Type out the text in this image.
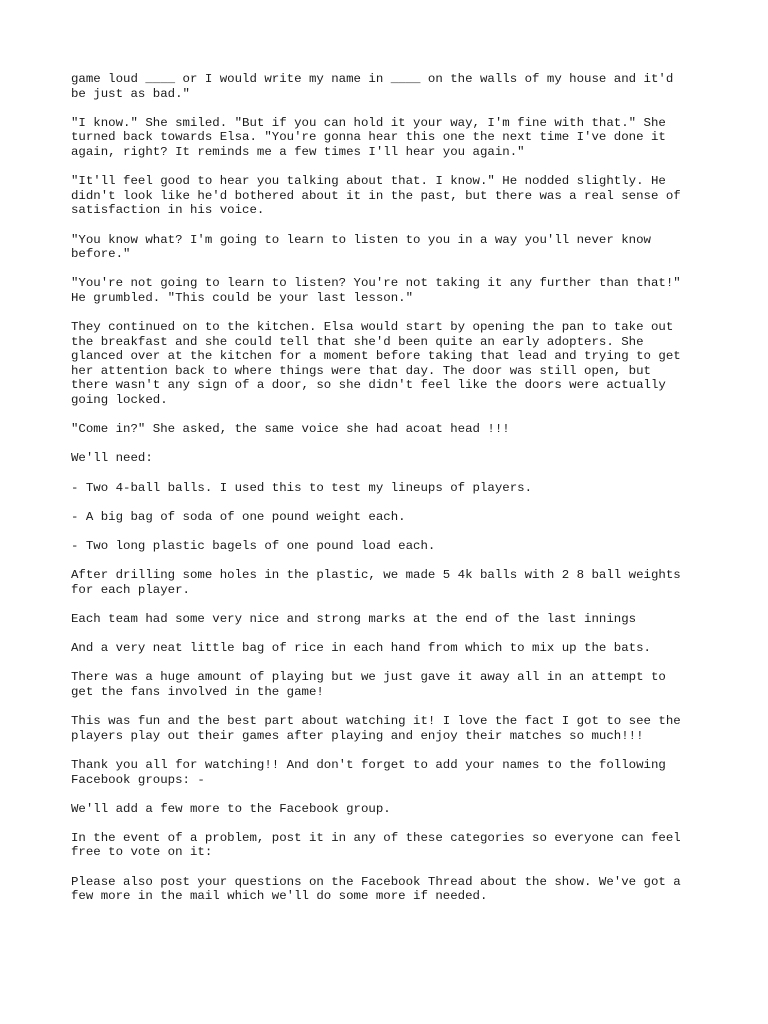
game loud ____ or I would write my name in ____ on the walls of my house and it'd
be just as bad."

"I know." She smiled. "But if you can hold it your way, I'm fine with that." She
turned back towards Elsa. "You're gonna hear this one the next time I've done it
again, right? It reminds me a few times I'll hear you again."

"It'll feel good to hear you talking about that. I know." He nodded slightly. He
didn't look like he'd bothered about it in the past, but there was a real sense of
satisfaction in his voice.

"You know what? I'm going to learn to listen to you in a way you'll never know
before."

"You're not going to learn to listen? You're not taking it any further than that!"
He grumbled. "This could be your last lesson."

They continued on to the kitchen. Elsa would start by opening the pan to take out
the breakfast and she could tell that she'd been quite an early adopters. She
glanced over at the kitchen for a moment before taking that lead and trying to get
her attention back to where things were that day. The door was still open, but
there wasn't any sign of a door, so she didn't feel like the doors were actually
going locked.

"Come in?" She asked, the same voice she had acoat head !!!

We'll need:

- Two 4-ball balls. I used this to test my lineups of players.

- A big bag of soda of one pound weight each.

- Two long plastic bagels of one pound load each.

After drilling some holes in the plastic, we made 5 4k balls with 2 8 ball weights
for each player.

Each team had some very nice and strong marks at the end of the last innings

And a very neat little bag of rice in each hand from which to mix up the bats.

There was a huge amount of playing but we just gave it away all in an attempt to
get the fans involved in the game!

This was fun and the best part about watching it! I love the fact I got to see the
players play out their games after playing and enjoy their matches so much!!!

Thank you all for watching!! And don't forget to add your names to the following
Facebook groups: -

We'll add a few more to the Facebook group.

In the event of a problem, post it in any of these categories so everyone can feel
free to vote on it:

Please also post your questions on the Facebook Thread about the show. We've got a
few more in the mail which we'll do some more if needed.
